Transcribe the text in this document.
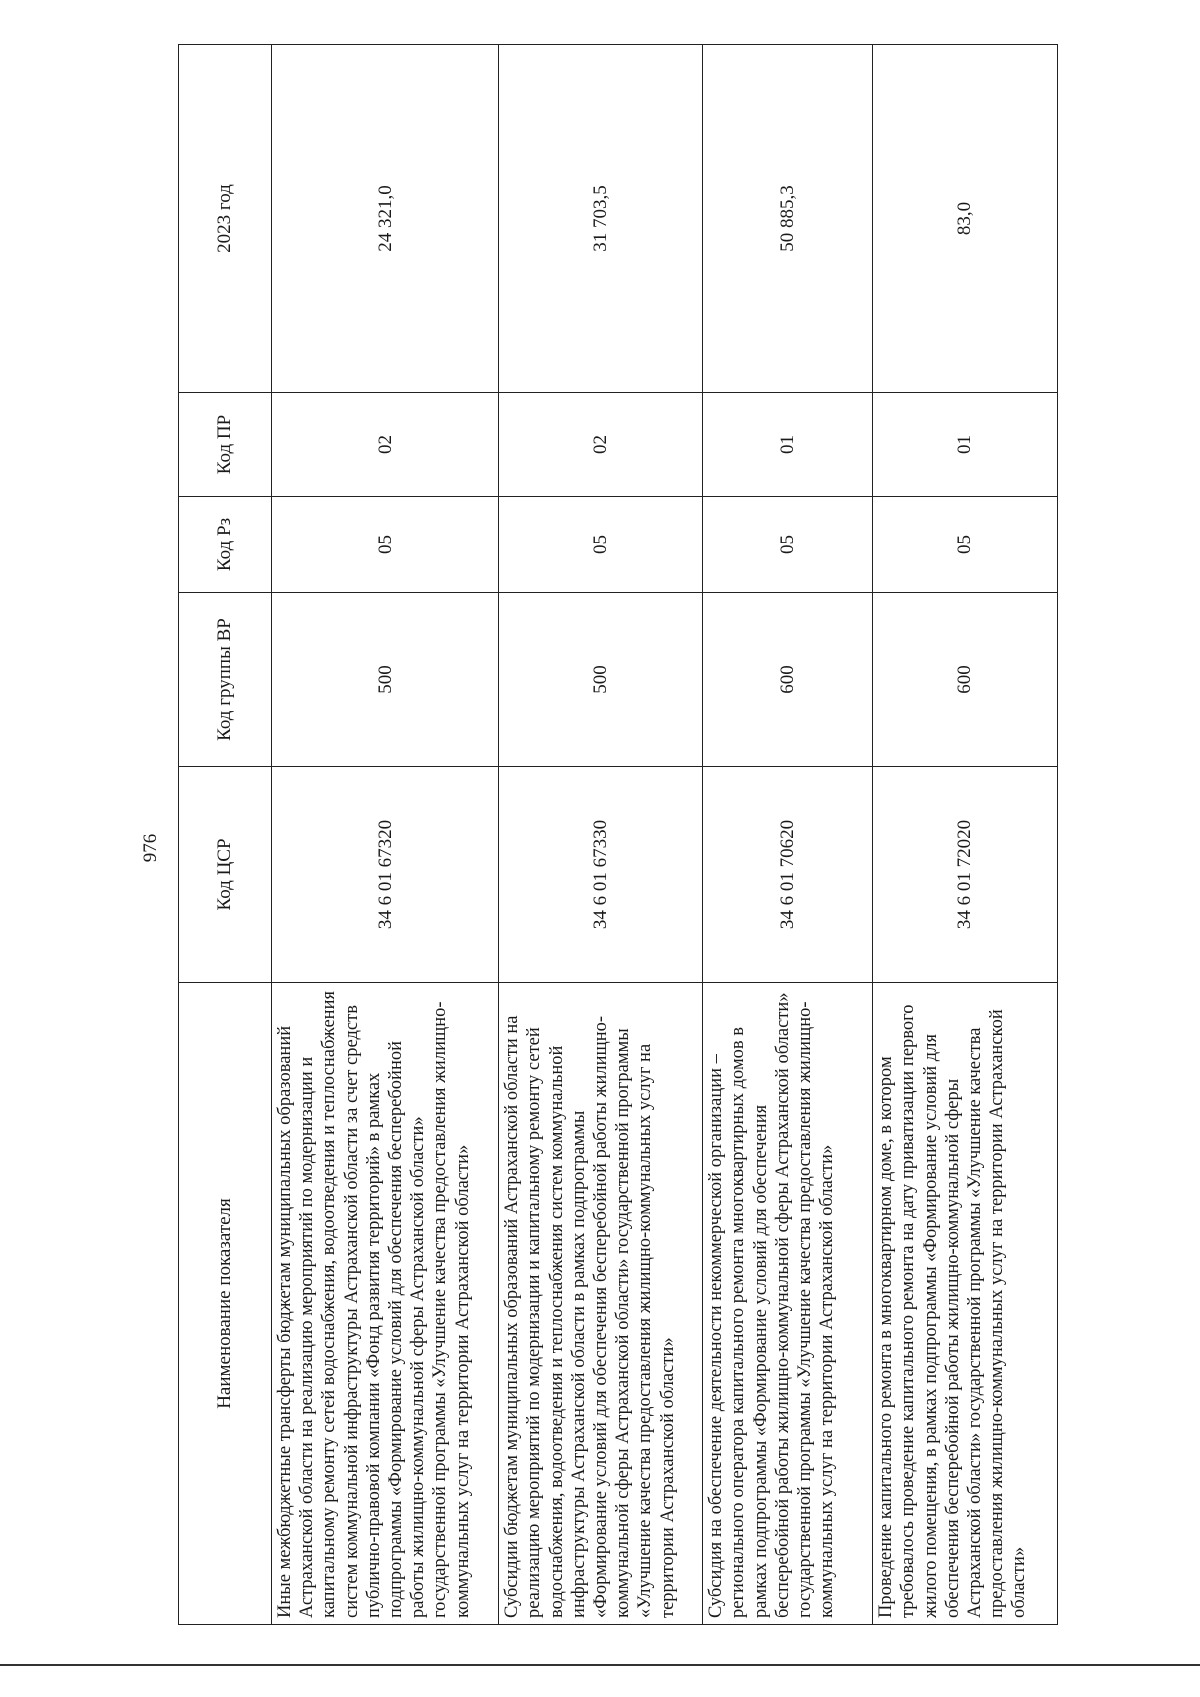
976
Наименование показателя	Код ЦСР	Код группы ВР	Код Рз	Код ПР	2023 год
Иные межбюджетные трансферты бюджетам муниципальных образований Астраханской области на реализацию мероприятий по модернизации и капитальному ремонту сетей водоснабжения, водоотведения и теплоснабжения систем коммунальной инфраструктуры Астраханской области за счет средств публично-правовой компании «Фонд развития территорий» в рамках подпрограммы «Формирование условий для обеспечения бесперебойной работы жилищно-коммунальной сферы Астраханской области» государственной программы «Улучшение качества предоставления жилищно-коммунальных услуг на территории Астраханской области»	34 6 01 67320	500	05	02	24 321,0
Субсидии бюджетам муниципальных образований Астраханской области на реализацию мероприятий по модернизации и капитальному ремонту сетей водоснабжения, водоотведения и теплоснабжения систем коммунальной инфраструктуры Астраханской области в рамках подпрограммы «Формирование условий для обеспечения бесперебойной работы жилищно-коммунальной сферы Астраханской области» государственной программы «Улучшение качества предоставления жилищно-коммунальных услуг на территории Астраханской области»	34 6 01 67330	500	05	02	31 703,5
Субсидия на обеспечение деятельности некоммерческой организации – регионального оператора капитального ремонта многоквартирных домов в рамках подпрограммы «Формирование условий для обеспечения бесперебойной работы жилищно-коммунальной сферы Астраханской области» государственной программы «Улучшение качества предоставления жилищно-коммунальных услуг на территории Астраханской области»	34 6 01 70620	600	05	01	50 885,3
Проведение капитального ремонта в многоквартирном доме, в котором требовалось проведение капитального ремонта на дату приватизации первого жилого помещения, в рамках подпрограммы «Формирование условий для обеспечения бесперебойной работы жилищно-коммунальной сферы Астраханской области» государственной программы «Улучшение качества предоставления жилищно-коммунальных услуг на территории Астраханской области»	34 6 01 72020	600	05	01	83,0
